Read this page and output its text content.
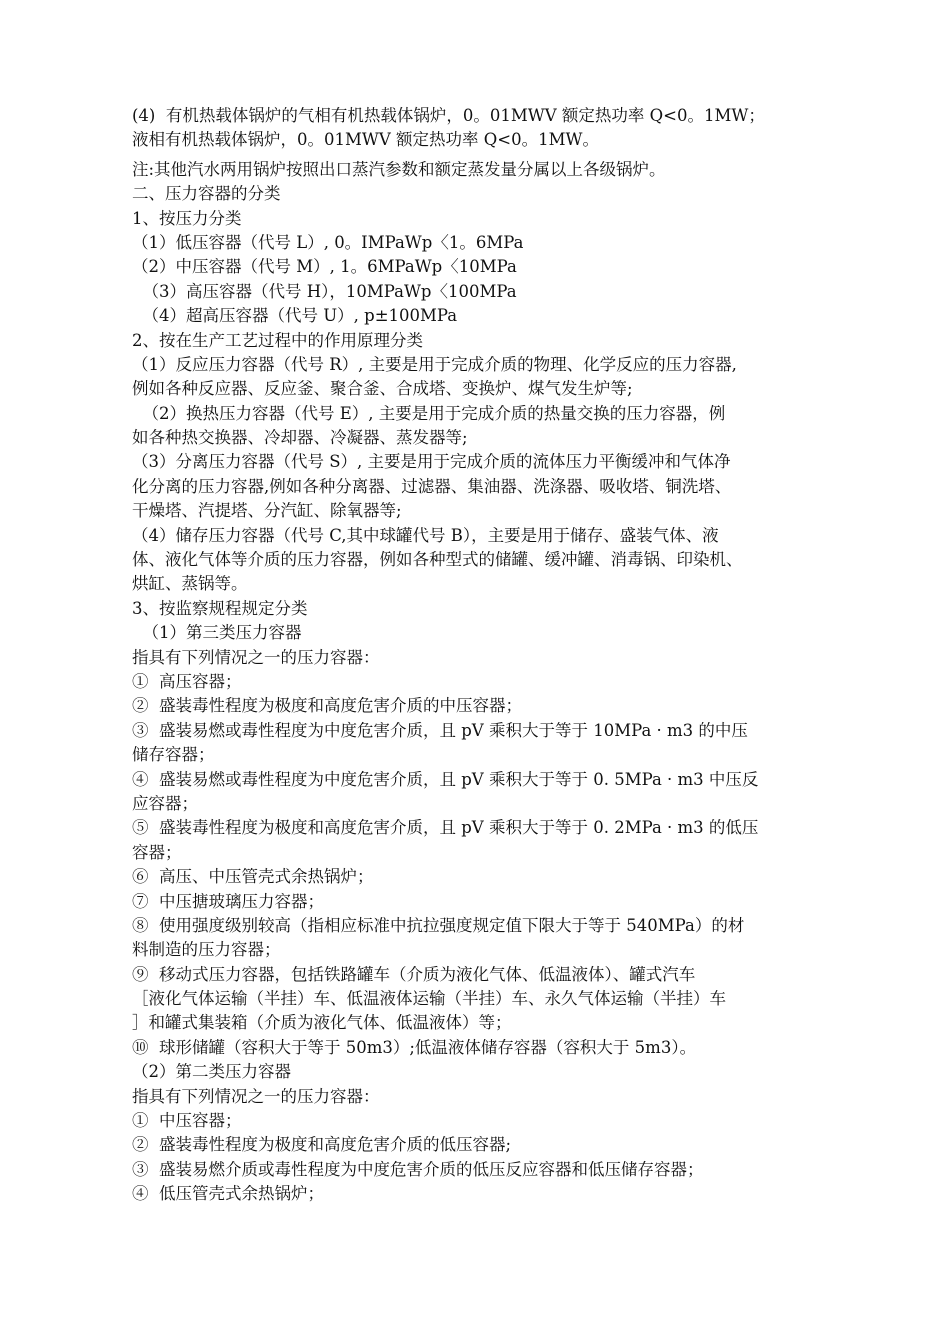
(4)  有机热载体锅炉的气相有机热载体锅炉，0。01MWV 额定热功率 Q<0。1MW；
液相有机热载体锅炉，0。01MWV 额定热功率 Q<0。1MW。
注:其他汽水两用锅炉按照出口蒸汽参数和额定蒸发量分属以上各级锅炉。
二、压力容器的分类
1、按压力分类
（1）低压容器（代号 L）, 0。IMPaWp〈1。6MPa
（2）中压容器（代号 M）, 1。6MPaWp〈10MPa
（3）高压容器（代号 H），10MPaWp〈100MPa
（4）超高压容器（代号 U）, p±100MPa
2、按在生产工艺过程中的作用原理分类
（1）反应压力容器（代号 R）, 主要是用于完成介质的物理、化学反应的压力容器,
例如各种反应器、反应釜、聚合釜、合成塔、变换炉、煤气发生炉等;
（2）换热压力容器（代号 E）, 主要是用于完成介质的热量交换的压力容器，例
如各种热交换器、冷却器、冷凝器、蒸发器等;
（3）分离压力容器（代号 S）, 主要是用于完成介质的流体压力平衡缓冲和气体净
化分离的压力容器,例如各种分离器、过滤器、集油器、洗涤器、吸收塔、铜洗塔、
干燥塔、汽提塔、分汽缸、除氧器等;
（4）储存压力容器（代号 C,其中球罐代号 B），主要是用于储存、盛装气体、液
体、液化气体等介质的压力容器，例如各种型式的储罐、缓冲罐、消毒锅、印染机、
烘缸、蒸锅等。
3、按监察规程规定分类
（1）第三类压力容器
指具有下列情况之一的压力容器：
①  高压容器；
②  盛装毒性程度为极度和高度危害介质的中压容器；
③  盛装易燃或毒性程度为中度危害介质，且 pV 乘积大于等于 10MPa · m3 的中压
储存容器；
④  盛装易燃或毒性程度为中度危害介质，且 pV 乘积大于等于 0. 5MPa · m3 中压反
应容器；
⑤  盛装毒性程度为极度和高度危害介质，且 pV 乘积大于等于 0. 2MPa · m3 的低压
容器；
⑥  高压、中压管壳式余热锅炉；
⑦  中压搪玻璃压力容器；
⑧  使用强度级别较高（指相应标准中抗拉强度规定值下限大于等于 540MPa）的材
料制造的压力容器；
⑨  移动式压力容器，包括铁路罐车（介质为液化气体、低温液体）、罐式汽车
［液化气体运输（半挂）车、低温液体运输（半挂）车、永久气体运输（半挂）车
］和罐式集装箱（介质为液化气体、低温液体）等；
⑩  球形储罐（容积大于等于 50m3）;低温液体储存容器（容积大于 5m3）。
（2）第二类压力容器
指具有下列情况之一的压力容器：
①  中压容器；
②  盛装毒性程度为极度和高度危害介质的低压容器;
③  盛装易燃介质或毒性程度为中度危害介质的低压反应容器和低压储存容器；
④  低压管壳式余热锅炉；
